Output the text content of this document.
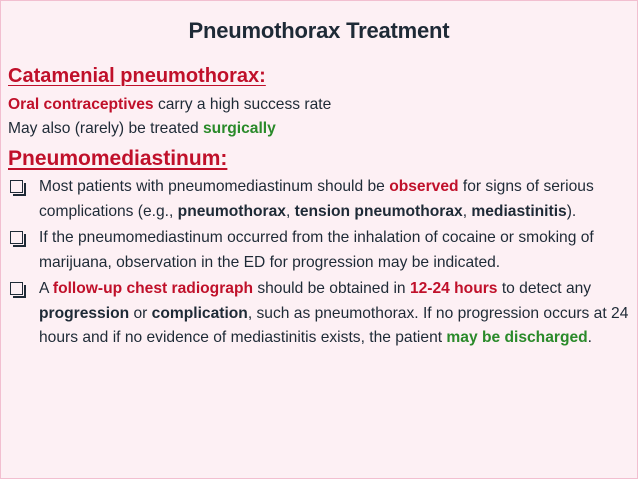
Pneumothorax Treatment
Catamenial pneumothorax:
Oral contraceptives carry a high success rate
May also (rarely) be treated surgically
Pneumomediastinum:
Most patients with pneumomediastinum should be observed for signs of serious complications (e.g., pneumothorax, tension pneumothorax, mediastinitis).
If the pneumomediastinum occurred from the inhalation of cocaine or smoking of marijuana, observation in the ED for progression may be indicated.
A follow-up chest radiograph should be obtained in 12-24 hours to detect any progression or complication, such as pneumothorax. If no progression occurs at 24 hours and if no evidence of mediastinitis exists, the patient may be discharged.
